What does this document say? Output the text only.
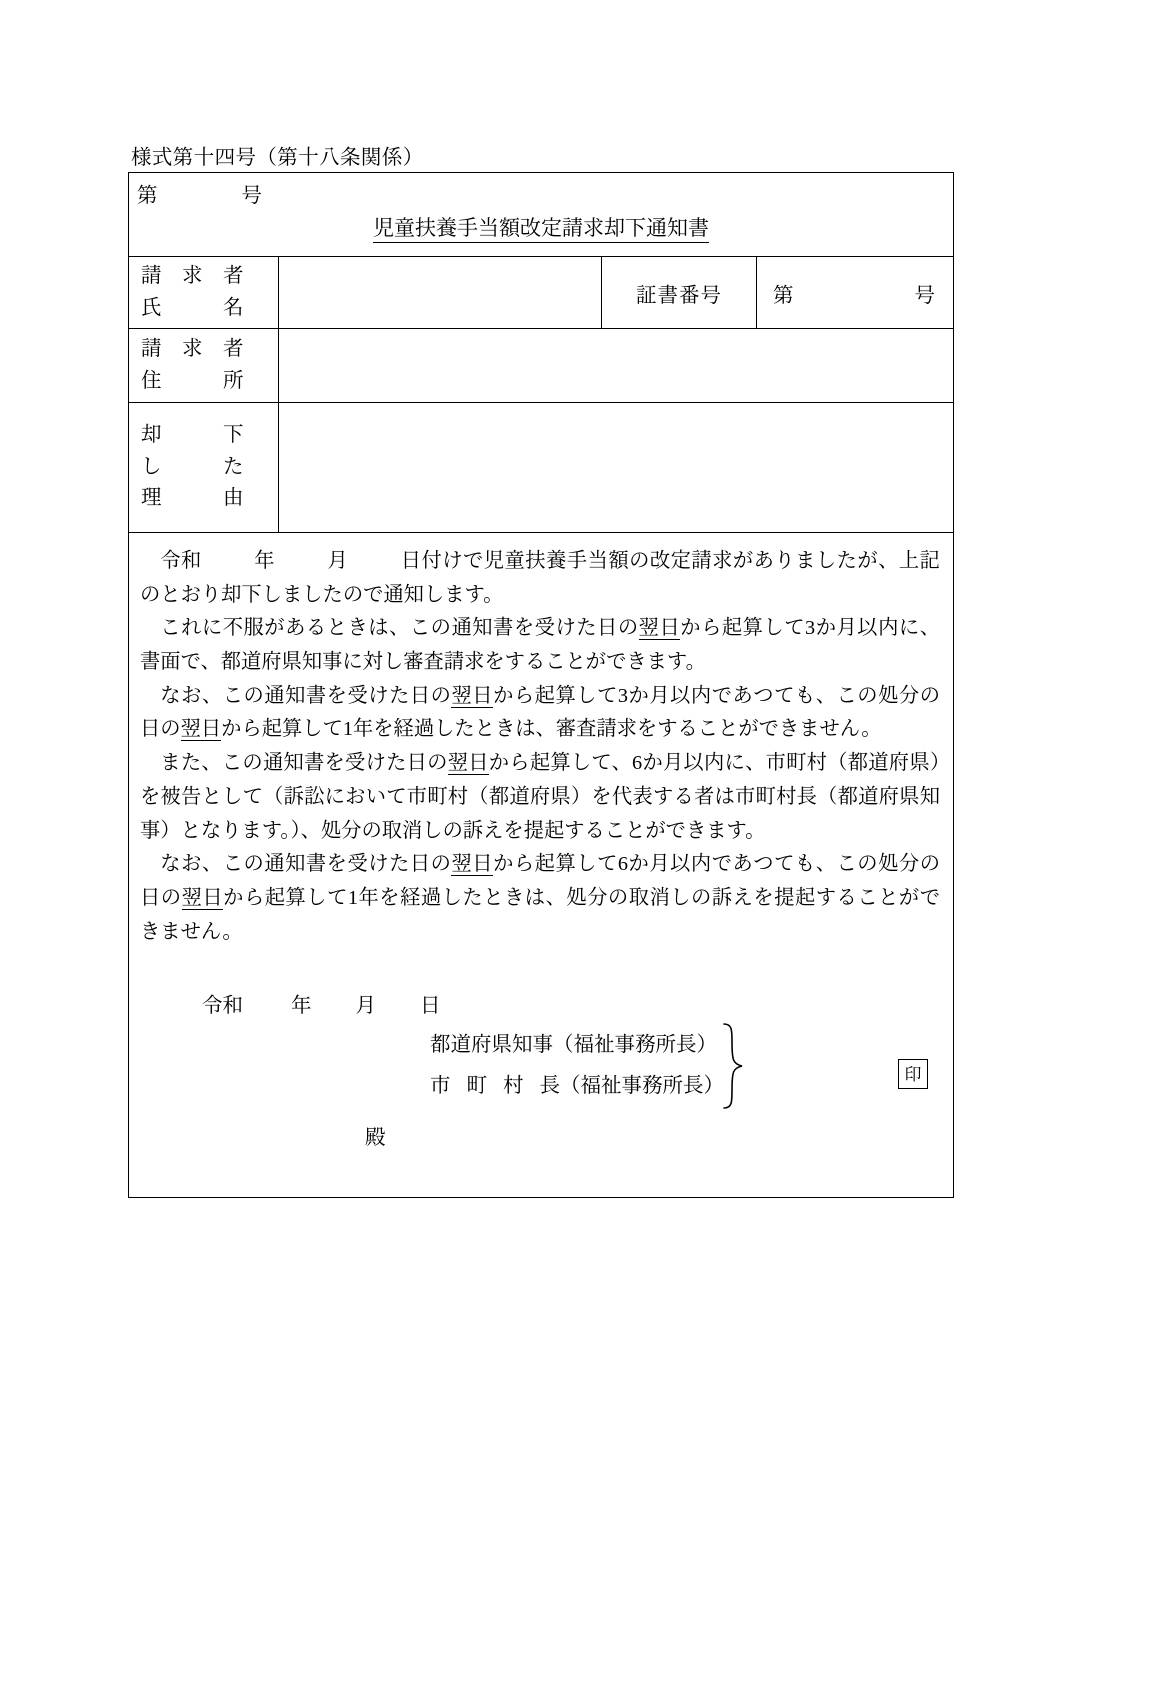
様式第十四号（第十八条関係）
第	号
児童扶養手当額改定請求却下通知書
請　求　者
氏　　　名
証書番号	第	号
請　求　者
住　　　所
却　　　下
し　　　た
理　　　由

令和	年	月	日付けで児童扶養手当額の改定請求がありましたが、上記のとおり却下しましたので通知します。

これに不服があるときは、この通知書を受けた日の翌日から起算して3か月以内に、書面で、都道府県知事に対し審査請求をすることができます。

なお、この通知書を受けた日の翌日から起算して3か月以内であつても、この処分の日の翌日から起算して1年を経過したときは、審査請求をすることができません。

また、この通知書を受けた日の翌日から起算して、6か月以内に、市町村（都道府県）を被告として（訴訟において市町村（都道府県）を代表する者は市町村長（都道府県知事）となります。）、処分の取消しの訴えを提起することができます。

なお、この通知書を受けた日の翌日から起算して6か月以内であつても、この処分の日の翌日から起算して1年を経過したときは、処分の取消しの訴えを提起することができません。

令和 年 月 日
都道府県知事（福祉事務所長）
市 町 村 長（福祉事務所長）
殿
印
